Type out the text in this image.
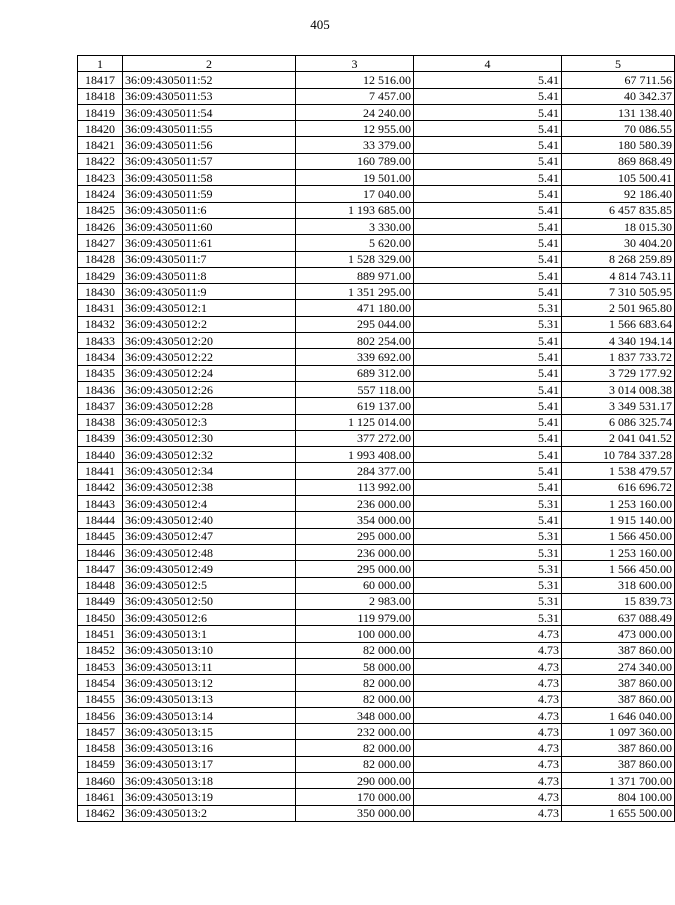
405
1	2	3	4	5
18417	36:09:4305011:52	12 516.00	5.41	67 711.56
18418	36:09:4305011:53	7 457.00	5.41	40 342.37
18419	36:09:4305011:54	24 240.00	5.41	131 138.40
18420	36:09:4305011:55	12 955.00	5.41	70 086.55
18421	36:09:4305011:56	33 379.00	5.41	180 580.39
18422	36:09:4305011:57	160 789.00	5.41	869 868.49
18423	36:09:4305011:58	19 501.00	5.41	105 500.41
18424	36:09:4305011:59	17 040.00	5.41	92 186.40
18425	36:09:4305011:6	1 193 685.00	5.41	6 457 835.85
18426	36:09:4305011:60	3 330.00	5.41	18 015.30
18427	36:09:4305011:61	5 620.00	5.41	30 404.20
18428	36:09:4305011:7	1 528 329.00	5.41	8 268 259.89
18429	36:09:4305011:8	889 971.00	5.41	4 814 743.11
18430	36:09:4305011:9	1 351 295.00	5.41	7 310 505.95
18431	36:09:4305012:1	471 180.00	5.31	2 501 965.80
18432	36:09:4305012:2	295 044.00	5.31	1 566 683.64
18433	36:09:4305012:20	802 254.00	5.41	4 340 194.14
18434	36:09:4305012:22	339 692.00	5.41	1 837 733.72
18435	36:09:4305012:24	689 312.00	5.41	3 729 177.92
18436	36:09:4305012:26	557 118.00	5.41	3 014 008.38
18437	36:09:4305012:28	619 137.00	5.41	3 349 531.17
18438	36:09:4305012:3	1 125 014.00	5.41	6 086 325.74
18439	36:09:4305012:30	377 272.00	5.41	2 041 041.52
18440	36:09:4305012:32	1 993 408.00	5.41	10 784 337.28
18441	36:09:4305012:34	284 377.00	5.41	1 538 479.57
18442	36:09:4305012:38	113 992.00	5.41	616 696.72
18443	36:09:4305012:4	236 000.00	5.31	1 253 160.00
18444	36:09:4305012:40	354 000.00	5.41	1 915 140.00
18445	36:09:4305012:47	295 000.00	5.31	1 566 450.00
18446	36:09:4305012:48	236 000.00	5.31	1 253 160.00
18447	36:09:4305012:49	295 000.00	5.31	1 566 450.00
18448	36:09:4305012:5	60 000.00	5.31	318 600.00
18449	36:09:4305012:50	2 983.00	5.31	15 839.73
18450	36:09:4305012:6	119 979.00	5.31	637 088.49
18451	36:09:4305013:1	100 000.00	4.73	473 000.00
18452	36:09:4305013:10	82 000.00	4.73	387 860.00
18453	36:09:4305013:11	58 000.00	4.73	274 340.00
18454	36:09:4305013:12	82 000.00	4.73	387 860.00
18455	36:09:4305013:13	82 000.00	4.73	387 860.00
18456	36:09:4305013:14	348 000.00	4.73	1 646 040.00
18457	36:09:4305013:15	232 000.00	4.73	1 097 360.00
18458	36:09:4305013:16	82 000.00	4.73	387 860.00
18459	36:09:4305013:17	82 000.00	4.73	387 860.00
18460	36:09:4305013:18	290 000.00	4.73	1 371 700.00
18461	36:09:4305013:19	170 000.00	4.73	804 100.00
18462	36:09:4305013:2	350 000.00	4.73	1 655 500.00
